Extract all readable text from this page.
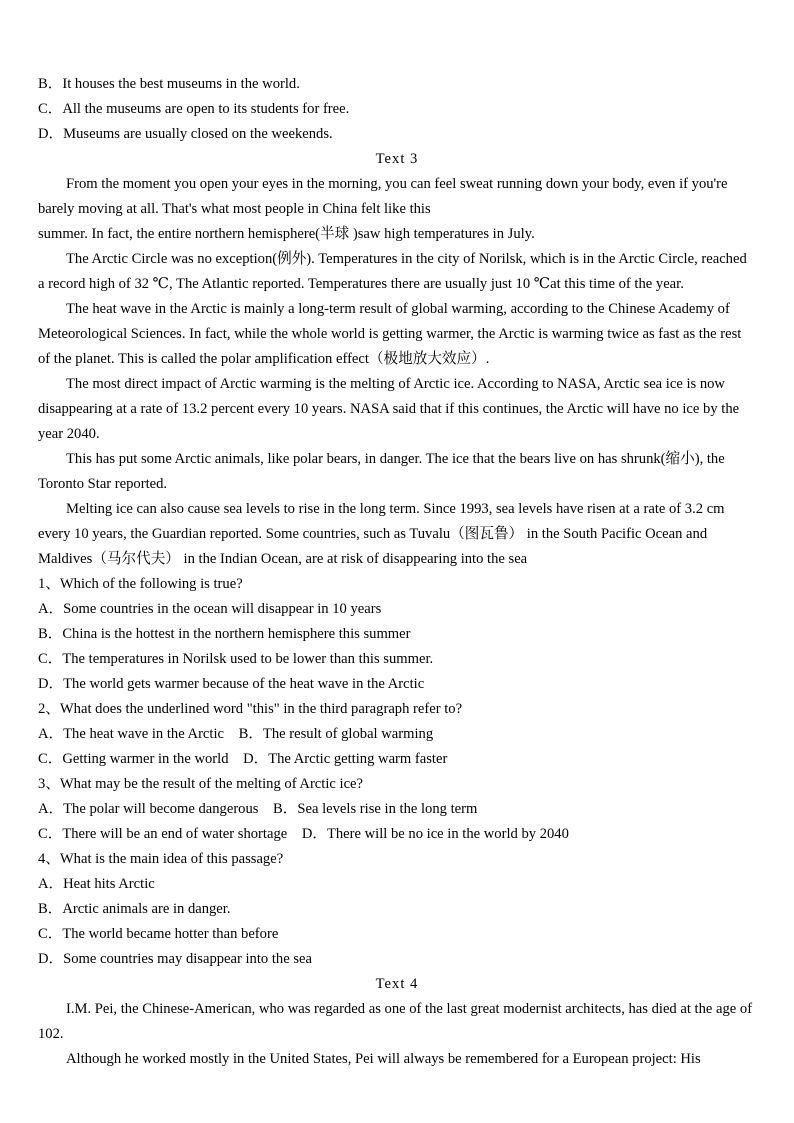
B．It houses the best museums in the world.
C．All the museums are open to its students for free.
D．Museums are usually closed on the weekends.
Text 3
From the moment you open your eyes in the morning, you can feel sweat running down your body, even if you're barely moving at all. That's what most people in China felt like this
summer. In fact, the entire northern hemisphere(半球 )saw high temperatures in July.
The Arctic Circle was no exception(例外). Temperatures in the city of Norilsk, which is in the Arctic Circle, reached a record high of 32 ℃, The Atlantic reported. Temperatures there are usually just 10 ℃at this time of the year.
The heat wave in the Arctic is mainly a long-term result of global warming, according to the Chinese Academy of Meteorological Sciences. In fact, while the whole world is getting warmer, the Arctic is warming twice as fast as the rest of the planet. This is called the polar amplification effect（极地放大效应）.
The most direct impact of Arctic warming is the melting of Arctic ice. According to NASA, Arctic sea ice is now disappearing at a rate of 13.2 percent every 10 years. NASA said that if this continues, the Arctic will have no ice by the year 2040.
This has put some Arctic animals, like polar bears, in danger. The ice that the bears live on has shrunk(缩小), the Toronto Star reported.
Melting ice can also cause sea levels to rise in the long term. Since 1993, sea levels have risen at a rate of 3.2 cm every 10 years, the Guardian reported. Some countries, such as Tuvalu（图瓦鲁） in the South Pacific Ocean and Maldives（马尔代夫） in the Indian Ocean, are at risk of disappearing into the sea
1、Which of the following is true?
A．Some countries in the ocean will disappear in 10 years
B．China is the hottest in the northern hemisphere this summer
C．The temperatures in Norilsk used to be lower than this summer.
D．The world gets warmer because of the heat wave in the Arctic
2、What does the underlined word "this" in the third paragraph refer to?
A．The heat wave in the Arctic    B．The result of global warming
C．Getting warmer in the world    D．The Arctic getting warm faster
3、What may be the result of the melting of Arctic ice?
A．The polar will become dangerous    B．Sea levels rise in the long term
C．There will be an end of water shortage    D．There will be no ice in the world by 2040
4、What is the main idea of this passage?
A．Heat hits Arctic
B．Arctic animals are in danger.
C．The world became hotter than before
D．Some countries may disappear into the sea
Text 4
I.M. Pei, the Chinese-American, who was regarded as one of the last great modernist architects, has died at the age of 102.
Although he worked mostly in the United States, Pei will always be remembered for a European project: His
